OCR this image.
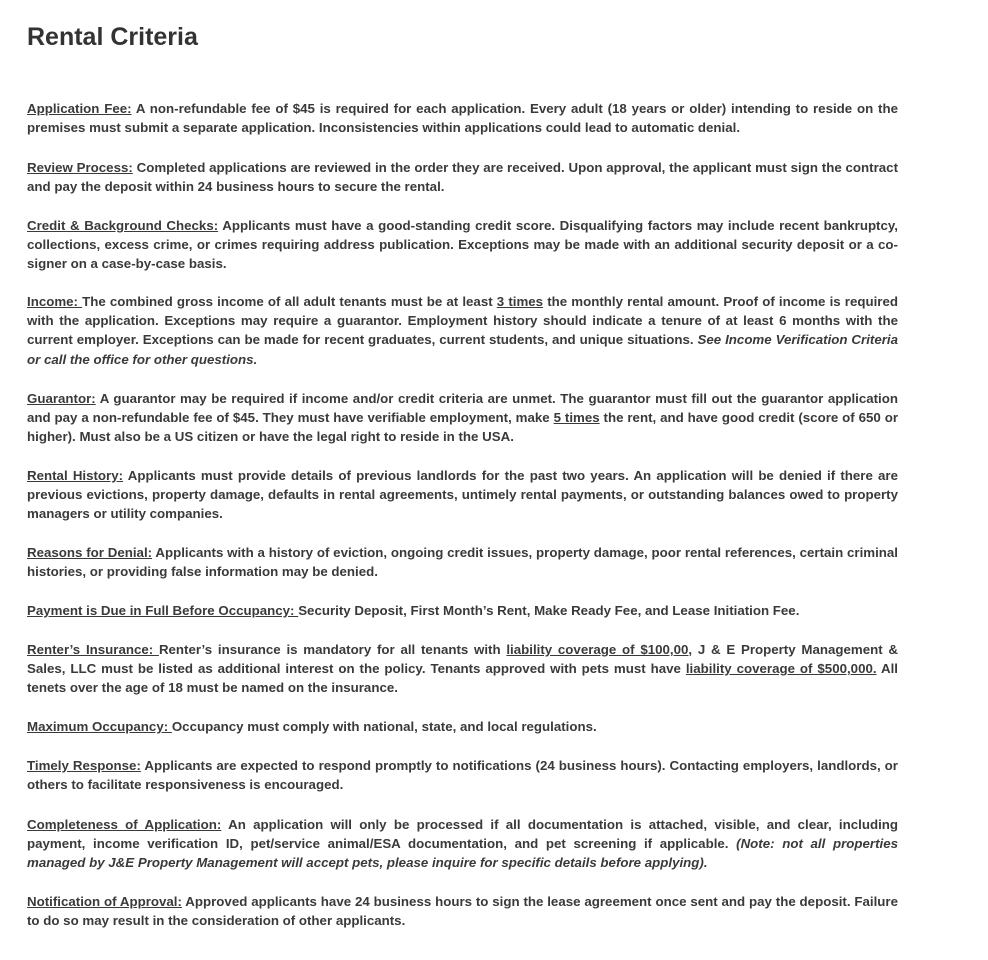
Rental Criteria

Application Fee: A non-refundable fee of $45 is required for each application. Every adult (18 years or older) intending to reside on the premises must submit a separate application. Inconsistencies within applications could lead to automatic denial.

Review Process: Completed applications are reviewed in the order they are received. Upon approval, the applicant must sign the contract and pay the deposit within 24 business hours to secure the rental.

Credit & Background Checks: Applicants must have a good-standing credit score. Disqualifying factors may include recent bankruptcy, collections, excess crime, or crimes requiring address publication. Exceptions may be made with an additional security deposit or a co-signer on a case-by-case basis.

Income: The combined gross income of all adult tenants must be at least 3 times the monthly rental amount. Proof of income is required with the application. Exceptions may require a guarantor. Employment history should indicate a tenure of at least 6 months with the current employer. Exceptions can be made for recent graduates, current students, and unique situations. See Income Verification Criteria or call the office for other questions.

Guarantor: A guarantor may be required if income and/or credit criteria are unmet. The guarantor must fill out the guarantor application and pay a non-refundable fee of $45. They must have verifiable employment, make 5 times the rent, and have good credit (score of 650 or higher). Must also be a US citizen or have the legal right to reside in the USA.

Rental History: Applicants must provide details of previous landlords for the past two years. An application will be denied if there are previous evictions, property damage, defaults in rental agreements, untimely rental payments, or outstanding balances owed to property managers or utility companies.

Reasons for Denial: Applicants with a history of eviction, ongoing credit issues, property damage, poor rental references, certain criminal histories, or providing false information may be denied.

Payment is Due in Full Before Occupancy: Security Deposit, First Month’s Rent, Make Ready Fee, and Lease Initiation Fee.

Renter’s Insurance: Renter’s insurance is mandatory for all tenants with liability coverage of $100,00, J & E Property Management & Sales, LLC must be listed as additional interest on the policy. Tenants approved with pets must have liability coverage of $500,000. All tenets over the age of 18 must be named on the insurance.

Maximum Occupancy: Occupancy must comply with national, state, and local regulations.

Timely Response: Applicants are expected to respond promptly to notifications (24 business hours). Contacting employers, landlords, or others to facilitate responsiveness is encouraged.

Completeness of Application: An application will only be processed if all documentation is attached, visible, and clear, including payment, income verification ID, pet/service animal/ESA documentation, and pet screening if applicable. (Note: not all properties managed by J&E Property Management will accept pets, please inquire for specific details before applying).

Notification of Approval: Approved applicants have 24 business hours to sign the lease agreement once sent and pay the deposit. Failure to do so may result in the consideration of other applicants.
